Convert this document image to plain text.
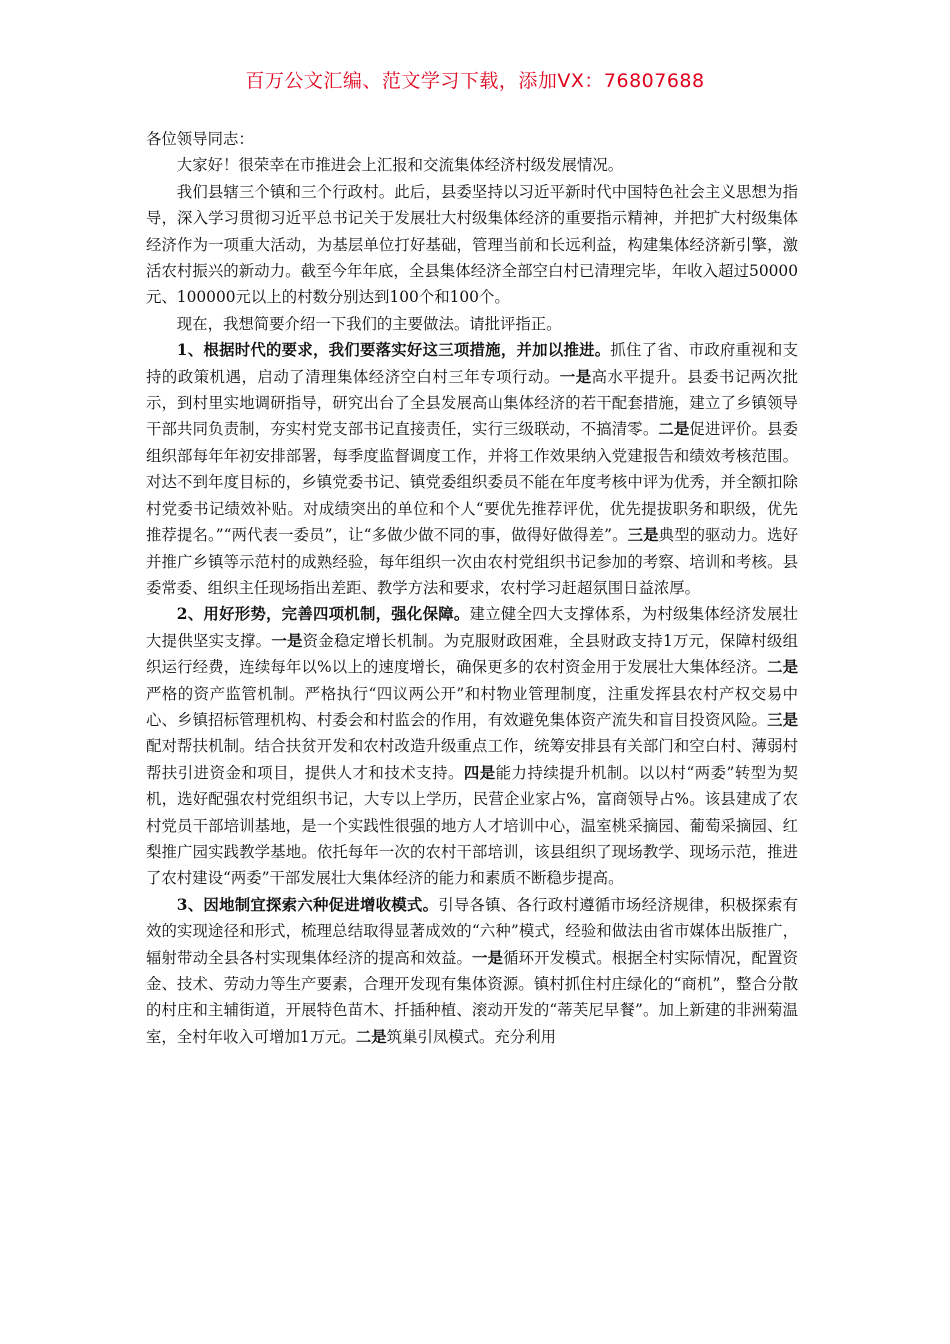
百万公文汇编、范文学习下载，添加VX：76807688

各位领导同志：

大家好！很荣幸在市推进会上汇报和交流集体经济村级发展情况。

我们县辖三个镇和三个行政村。此后，县委坚持以习近平新时代中国特色社会主义思想为指导，深入学习贯彻习近平总书记关于发展壮大村级集体经济的重要指示精神，并把扩大村级集体经济作为一项重大活动，为基层单位打好基础，管理当前和长远利益，构建集体经济新引擎，激活农村振兴的新动力。截至今年年底，全县集体经济全部空白村已清理完毕，年收入超过50000元、100000元以上的村数分别达到100个和100个。

现在，我想简要介绍一下我们的主要做法。请批评指正。

1、根据时代的要求，我们要落实好这三项措施，并加以推进。抓住了省、市政府重视和支持的政策机遇，启动了清理集体经济空白村三年专项行动。一是高水平提升。县委书记两次批示，到村里实地调研指导，研究出台了全县发展高山集体经济的若干配套措施，建立了乡镇领导干部共同负责制，夯实村党支部书记直接责任，实行三级联动，不搞清零。二是促进评价。县委组织部每年年初安排部署，每季度监督调度工作，并将工作效果纳入党建报告和绩效考核范围。对达不到年度目标的，乡镇党委书记、镇党委组织委员不能在年度考核中评为优秀，并全额扣除村党委书记绩效补贴。对成绩突出的单位和个人“要优先推荐评优，优先提拔职务和职级，优先推荐提名。”“两代表一委员”，让“多做少做不同的事，做得好做得差”。三是典型的驱动力。选好并推广乡镇等示范村的成熟经验，每年组织一次由农村党组织书记参加的考察、培训和考核。县委常委、组织主任现场指出差距、教学方法和要求，农村学习赶超氛围日益浓厚。

2、用好形势，完善四项机制，强化保障。建立健全四大支撑体系，为村级集体经济发展壮大提供坚实支撑。一是资金稳定增长机制。为克服财政困难，全县财政支持1万元，保障村级组织运行经费，连续每年以%以上的速度增长，确保更多的农村资金用于发展壮大集体经济。二是严格的资产监管机制。严格执行“四议两公开”和村物业管理制度，注重发挥县农村产权交易中心、乡镇招标管理机构、村委会和村监会的作用，有效避免集体资产流失和盲目投资风险。三是配对帮扶机制。结合扶贫开发和农村改造升级重点工作，统筹安排县有关部门和空白村、薄弱村帮扶引进资金和项目，提供人才和技术支持。四是能力持续提升机制。以以村“两委”转型为契机，选好配强农村党组织书记，大专以上学历，民营企业家占%，富商领导占%。该县建成了农村党员干部培训基地，是一个实践性很强的地方人才培训中心，温室桃采摘园、葡萄采摘园、红梨推广园实践教学基地。依托每年一次的农村干部培训，该县组织了现场教学、现场示范，推进了农村建设“两委”干部发展壮大集体经济的能力和素质不断稳步提高。

3、因地制宜探索六种促进增收模式。引导各镇、各行政村遵循市场经济规律，积极探索有效的实现途径和形式，梳理总结取得显著成效的“六种”模式，经验和做法由省市媒体出版推广，辐射带动全县各村实现集体经济的提高和效益。一是循环开发模式。根据全村实际情况，配置资金、技术、劳动力等生产要素，合理开发现有集体资源。镇村抓住村庄绿化的“商机”，整合分散的村庄和主辅街道，开展特色苗木、扦插种植、滚动开发的“蒂芙尼早餐”。加上新建的非洲菊温室，全村年收入可增加1万元。二是筑巢引凤模式。充分利用
